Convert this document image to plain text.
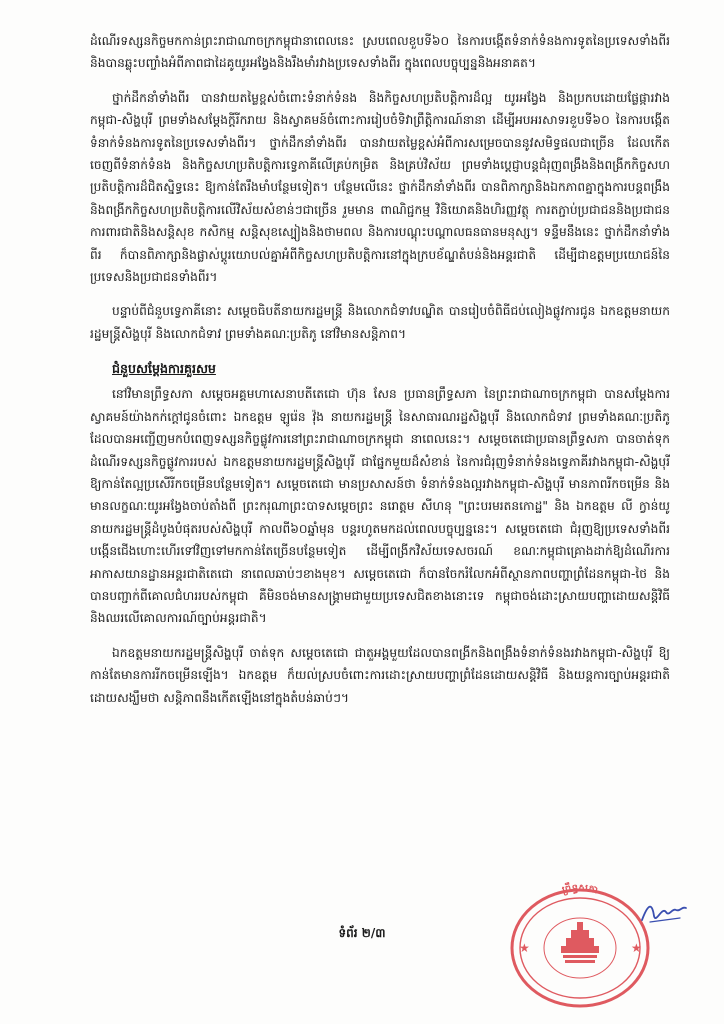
ដំណើរទស្សនកិច្ចមកកាន់ព្រះរាជាណាចក្រកម្ពុជានាពេលនេះ ស្របពេលខួបទី៦០ នៃការបង្កើតទំនាក់ទំនងការទូតនៃប្រទេសទាំងពីរ និងបានឆ្លុះបញ្ចាំងអំពីភាពជាដៃគូយូរអង្វែងនិងរឹងមាំរវាងប្រទេសទាំងពីរ ក្នុងពេលបច្ចុប្បន្ននិងអនាគត។

ថ្នាក់ដឹកនាំទាំងពីរ បានវាយតម្លៃខ្ពស់ចំពោះទំនាក់ទំនង និងកិច្ចសហប្រតិបត្តិការដ៏ល្អ យូរអង្វែង និងប្រកបដោយផ្លែផ្ការវាងកម្ពុជា-សិង្ហបុរី ព្រមទាំងសម្តែងក្តីរីករាយ និងស្វាគមន៍ចំពោះការរៀបចំទិវាព្រឹត្តិការណ៍នានា ដើម្បីអបអរសាទរខួបទី៦០ នៃការបង្កើតទំនាក់ទំនងការទូតនៃប្រទេសទាំងពីរ។ ថ្នាក់ដឹកនាំទាំងពីរ បានវាយតម្លៃខ្ពស់អំពីការសម្រេចបាននូវសមិទ្ធផលជាច្រើន ដែលកើតចេញពីទំនាក់ទំនង និងកិច្ចសហប្រតិបត្តិការទ្វេភាគីលើគ្រប់កម្រិត និងគ្រប់វិស័យ ព្រមទាំងប្តេជ្ញាបន្តជំរុញពង្រឹងនិងពង្រីកកិច្ចសហប្រតិបត្តិការដ៏ជិតស្និទ្ធនេះ ឱ្យកាន់តែរឹងមាំបន្ថែមទៀត។ បន្ថែមលើនេះ ថ្នាក់ដឹកនាំទាំងពីរ បានពិភាក្សានិងឯកភាពគ្នាក្នុងការបន្តពង្រឹង និងពង្រីកកិច្ចសហប្រតិបត្តិការលើវិស័យសំខាន់ៗជាច្រើន រួមមាន ពាណិជ្ជកម្ម វិនិយោគនិងហិរញ្ញវត្ថុ ការតភ្ជាប់ប្រជាជននិងប្រជាជន ការពារជាតិនិងសន្តិសុខ កសិកម្ម សន្តិសុខស្បៀងនិងថាមពល និងការបណ្តុះបណ្តាលធនធានមនុស្ស។ ទន្ទឹមនឹងនេះ ថ្នាក់ដឹកនាំទាំងពីរ ក៏បានពិភាក្សានិងផ្លាស់ប្តូរយោបល់គ្នាអំពីកិច្ចសហប្រតិបត្តិការនៅក្នុងក្របខ័ណ្ឌតំបន់និងអន្តរជាតិ ដើម្បីជាឧត្តមប្រយោជន៍នៃប្រទេសនិងប្រជាជនទាំងពីរ។

បន្ទាប់ពីជំនួបទ្វេភាគីនោះ សម្តេចធិបតីនាយករដ្ឋមន្ត្រី និងលោកជំទាវបណ្ឌិត បានរៀបចំពិធីជប់លៀងផ្លូវការជូន ឯកឧត្តមនាយករដ្ឋមន្ត្រីសិង្ហបុរី និងលោកជំទាវ ព្រមទាំងគណៈប្រតិភូ នៅវិមានសន្តិភាព។

ជំនួបសម្តែងការគួរសម

នៅវិមានព្រឹទ្ធសភា សម្តេចអគ្គមហាសេនាបតីតេជោ ហ៊ុន សែន ប្រធានព្រឹទ្ធសភា នៃព្រះរាជាណាចក្រកម្ពុជា បានសម្តែងការស្វាគមន៍យ៉ាងកក់ក្តៅជូនចំពោះ ឯកឧត្តម ឡូរ៉េន វ៉ុង នាយករដ្ឋមន្ត្រី នៃសាធារណរដ្ឋសិង្ហបុរី និងលោកជំទាវ ព្រមទាំងគណៈប្រតិភូ ដែលបានអញ្ជើញមកបំពេញទស្សនកិច្ចផ្លូវការនៅព្រះរាជាណាចក្រកម្ពុជា នាពេលនេះ។ សម្តេចតេជោប្រធានព្រឹទ្ធសភា បានចាត់ទុកដំណើរទស្សនកិច្ចផ្លូវការរបស់ ឯកឧត្តមនាយករដ្ឋមន្ត្រីសិង្ហបុរី ជាផ្នែកមួយដ៏សំខាន់ នៃការជំរុញទំនាក់ទំនងទ្វេភាគីរវាងកម្ពុជា-សិង្ហបុរី ឱ្យកាន់តែល្អប្រសើរីកចម្រើនបន្ថែមទៀត។ សម្តេចតេជោ មានប្រសាសន៍ថា ទំនាក់ទំនងល្អរវាងកម្ពុជា-សិង្ហបុរី មានភាពរីកចម្រើន និងមានលក្ខណៈយូរអង្វែងចាប់តាំងពី ព្រះករុណាព្រះបាទសម្តេចព្រះ នរោត្តម សីហនុ "ព្រះបរមរតនកោដ្ឋ" និង ឯកឧត្តម លី ក្វាន់យូ នាយករដ្ឋមន្ត្រីដំបូងបំផុតរបស់សិង្ហបុរី កាលពី៦០ឆ្នាំមុន បន្តរហូតមកដល់ពេលបច្ចុប្បន្ននេះ។ សម្តេចតេជោ ជំរុញឱ្យប្រទេសទាំងពីរបង្កើនជើងហោះហើរទៅវិញទៅមកកាន់តែច្រើនបន្ថែមទៀត ដើម្បីពង្រីកវិស័យទេសចរណ៍ ខណៈកម្ពុជាគ្រោងដាក់ឱ្យដំណើរការអាកាសយានដ្ឋានអន្តរជាតិតេជោ នាពេលឆាប់ៗខាងមុខ។ សម្តេចតេជោ ក៏បានចែករំលែកអំពីស្ថានភាពបញ្ហាព្រំដែនកម្ពុជា-ថៃ និងបានបញ្ជាក់ពីគោលជំហររបស់កម្ពុជា គឺមិនចង់មានសង្គ្រាមជាមួយប្រទេសជិតខាងនោះទេ កម្ពុជាចង់ដោះស្រាយបញ្ហាដោយសន្តិវិធី និងឈរលើគោលការណ៍ច្បាប់អន្តរជាតិ។

ឯកឧត្តមនាយករដ្ឋមន្ត្រីសិង្ហបុរី ចាត់ទុក សម្តេចតេជោ ជាតួអង្គមួយដែលបានពង្រីកនិងពង្រឹងទំនាក់ទំនងរវាងកម្ពុជា-សិង្ហបុរី ឱ្យកាន់តែមានការរីកចម្រើនឡើង។ ឯកឧត្តម ក៏យល់ស្របចំពោះការដោះស្រាយបញ្ហាព្រំដែនដោយសន្តិវិធី និងយន្តការច្បាប់អន្តរជាតិ ដោយសង្ឃឹមថា សន្តិភាពនឹងកើតឡើងនៅក្នុងតំបន់ឆាប់ៗ។

ទំព័រ ២/៣
★	★
ព្រឹទ្ធសភា
